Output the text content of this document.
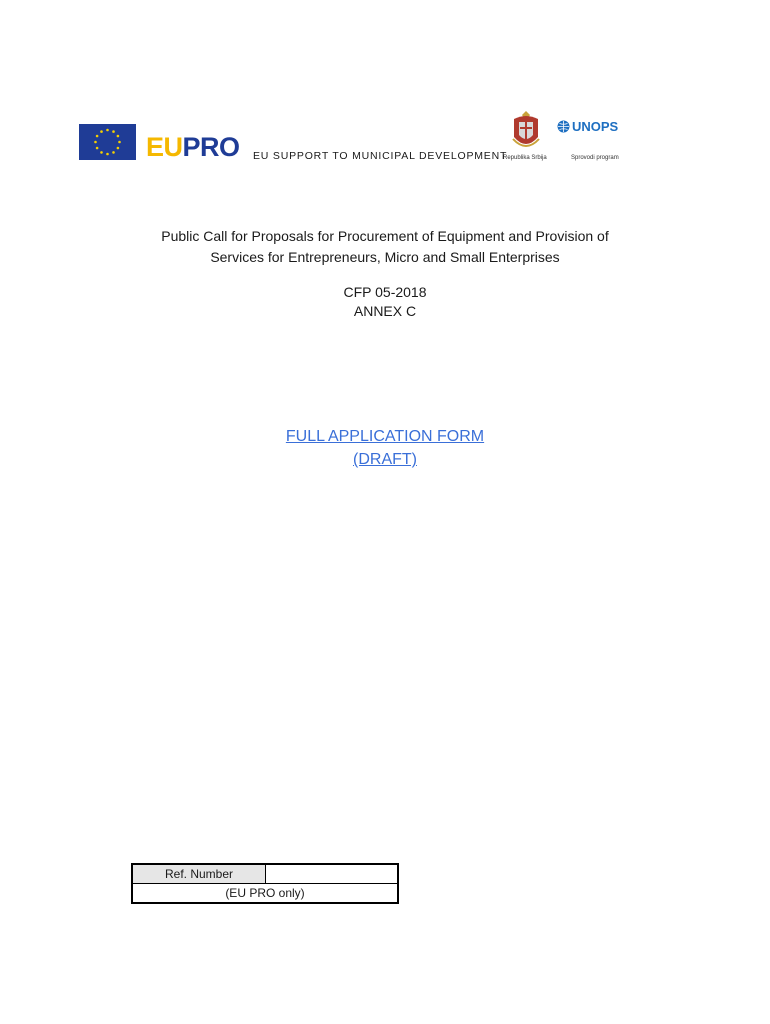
EUPRO EU SUPPORT TO MUNICIPAL DEVELOPMENT
Republika Srbija
UNOPS
Sprovodi program
Public Call for Proposals for Procurement of Equipment and Provision of
Services for Entrepreneurs, Micro and Small Enterprises
CFP 05-2018
ANNEX C
FULL APPLICATION FORM
(DRAFT)
Ref. Number	
(EU PRO only)
